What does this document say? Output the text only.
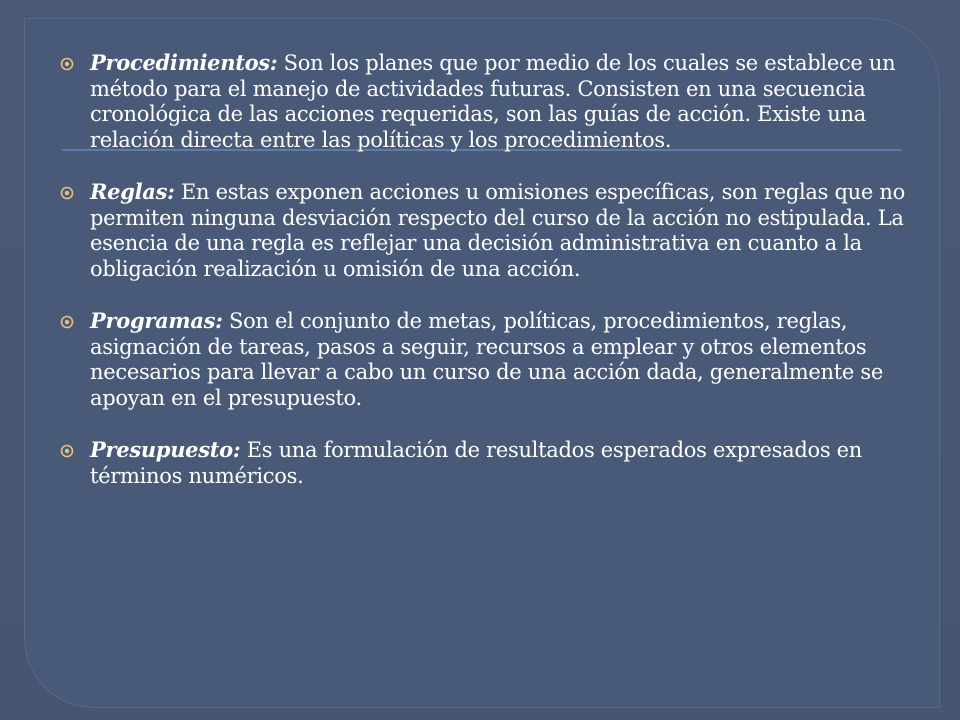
Procedimientos: Son los planes que por medio de los cuales se establece un método para el manejo de actividades futuras. Consisten en una secuencia cronológica de las acciones requeridas, son las guías de acción. Existe una relación directa entre las políticas y los procedimientos.

Reglas: En estas exponen acciones u omisiones específicas, son reglas que no permiten ninguna desviación respecto del curso de la acción no estipulada. La esencia de una regla es reflejar una decisión administrativa en cuanto a la obligación realización u omisión de una acción.

Programas: Son el conjunto de metas, políticas, procedimientos, reglas, asignación de tareas, pasos a seguir, recursos a emplear y otros elementos necesarios para llevar a cabo un curso de una acción dada, generalmente se apoyan en el presupuesto.

Presupuesto: Es una formulación de resultados esperados expresados en términos numéricos.
